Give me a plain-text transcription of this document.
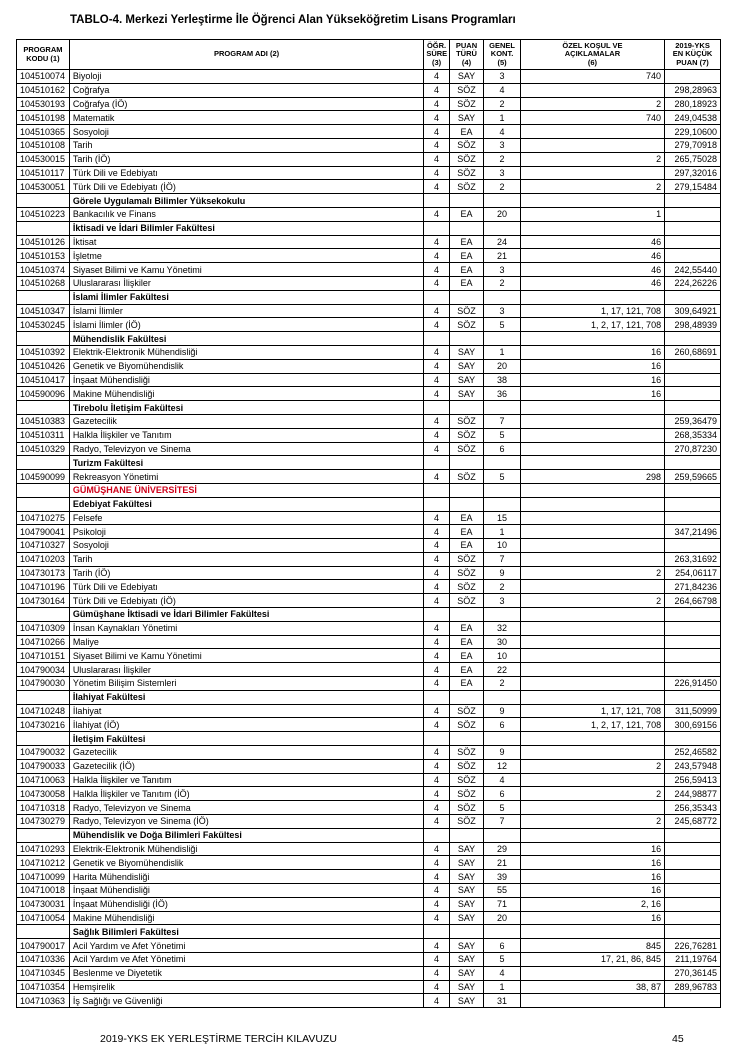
TABLO-4. Merkezi Yerleştirme İle Öğrenci Alan Yükseköğretim Lisans Programları
PROGRAM
KODU (1)	PROGRAM ADI (2)	ÖĞR.
SÜRE
(3)	PUAN
TÜRÜ
(4)	GENEL
KONT.
(5)	ÖZEL KOŞUL VE
AÇIKLAMALAR
(6)	2019-YKS
EN KÜÇÜK
PUAN (7)
104510074	Biyoloji	4	SAY	3	740	
104510162	Coğrafya	4	SÖZ	4		298,28963
104530193	Coğrafya (İÖ)	4	SÖZ	2	2	280,18923
104510198	Matematik	4	SAY	1	740	249,04538
104510365	Sosyoloji	4	EA	4		229,10600
104510108	Tarih	4	SÖZ	3		279,70918
104530015	Tarih (İÖ)	4	SÖZ	2	2	265,75028
104510117	Türk Dili ve Edebiyatı	4	SÖZ	3		297,32016
104530051	Türk Dili ve Edebiyatı (İÖ)	4	SÖZ	2	2	279,15484
	Görele Uygulamalı Bilimler Yüksekokulu					
104510223	Bankacılık ve Finans	4	EA	20	1	
	İktisadi ve İdari Bilimler Fakültesi					
104510126	İktisat	4	EA	24	46	
104510153	İşletme	4	EA	21	46	
104510374	Siyaset Bilimi ve Kamu Yönetimi	4	EA	3	46	242,55440
104510268	Uluslararası İlişkiler	4	EA	2	46	224,26226
	İslami İlimler Fakültesi					
104510347	İslami İlimler	4	SÖZ	3	1, 17, 121, 708	309,64921
104530245	İslami İlimler (İÖ)	4	SÖZ	5	1, 2, 17, 121, 708	298,48939
	Mühendislik Fakültesi					
104510392	Elektrik-Elektronik Mühendisliği	4	SAY	1	16	260,68691
104510426	Genetik ve Biyomühendislik	4	SAY	20	16	
104510417	İnşaat Mühendisliği	4	SAY	38	16	
104590096	Makine Mühendisliği	4	SAY	36	16	
	Tirebolu İletişim Fakültesi					
104510383	Gazetecilik	4	SÖZ	7		259,36479
104510311	Halkla İlişkiler ve Tanıtım	4	SÖZ	5		268,35334
104510329	Radyo, Televizyon ve Sinema	4	SÖZ	6		270,87230
	Turizm Fakültesi					
104590099	Rekreasyon Yönetimi	4	SÖZ	5	298	259,59665
	GÜMÜŞHANE ÜNİVERSİTESİ					
	Edebiyat Fakültesi					
104710275	Felsefe	4	EA	15		
104790041	Psikoloji	4	EA	1		347,21496
104710327	Sosyoloji	4	EA	10		
104710203	Tarih	4	SÖZ	7		263,31692
104730173	Tarih (İÖ)	4	SÖZ	9	2	254,06117
104710196	Türk Dili ve Edebiyatı	4	SÖZ	2		271,84236
104730164	Türk Dili ve Edebiyatı (İÖ)	4	SÖZ	3	2	264,66798
	Gümüşhane İktisadi ve İdari Bilimler Fakültesi					
104710309	İnsan Kaynakları Yönetimi	4	EA	32		
104710266	Maliye	4	EA	30		
104710151	Siyaset Bilimi ve Kamu Yönetimi	4	EA	10		
104790034	Uluslararası İlişkiler	4	EA	22		
104790030	Yönetim Bilişim Sistemleri	4	EA	2		226,91450
	İlahiyat Fakültesi					
104710248	İlahiyat	4	SÖZ	9	1, 17, 121, 708	311,50999
104730216	İlahiyat (İÖ)	4	SÖZ	6	1, 2, 17, 121, 708	300,69156
	İletişim Fakültesi					
104790032	Gazetecilik	4	SÖZ	9		252,46582
104790033	Gazetecilik (İÖ)	4	SÖZ	12	2	243,57948
104710063	Halkla İlişkiler ve Tanıtım	4	SÖZ	4		256,59413
104730058	Halkla İlişkiler ve Tanıtım (İÖ)	4	SÖZ	6	2	244,98877
104710318	Radyo, Televizyon ve Sinema	4	SÖZ	5		256,35343
104730279	Radyo, Televizyon ve Sinema (İÖ)	4	SÖZ	7	2	245,68772
	Mühendislik ve Doğa Bilimleri Fakültesi					
104710293	Elektrik-Elektronik Mühendisliği	4	SAY	29	16	
104710212	Genetik ve Biyomühendislik	4	SAY	21	16	
104710099	Harita Mühendisliği	4	SAY	39	16	
104710018	İnşaat Mühendisliği	4	SAY	55	16	
104730031	İnşaat Mühendisliği (İÖ)	4	SAY	71	2, 16	
104710054	Makine Mühendisliği	4	SAY	20	16	
	Sağlık Bilimleri Fakültesi					
104790017	Acil Yardım ve Afet Yönetimi	4	SAY	6	845	226,76281
104710336	Acil Yardım ve Afet Yönetimi	4	SAY	5	17, 21, 86, 845	211,19764
104710345	Beslenme ve Diyetetik	4	SAY	4		270,36145
104710354	Hemşirelik	4	SAY	1	38, 87	289,96783
104710363	İş Sağlığı ve Güvenliği	4	SAY	31		
2019-YKS EK YERLEŞTİRME TERCİH KILAVUZU	45
